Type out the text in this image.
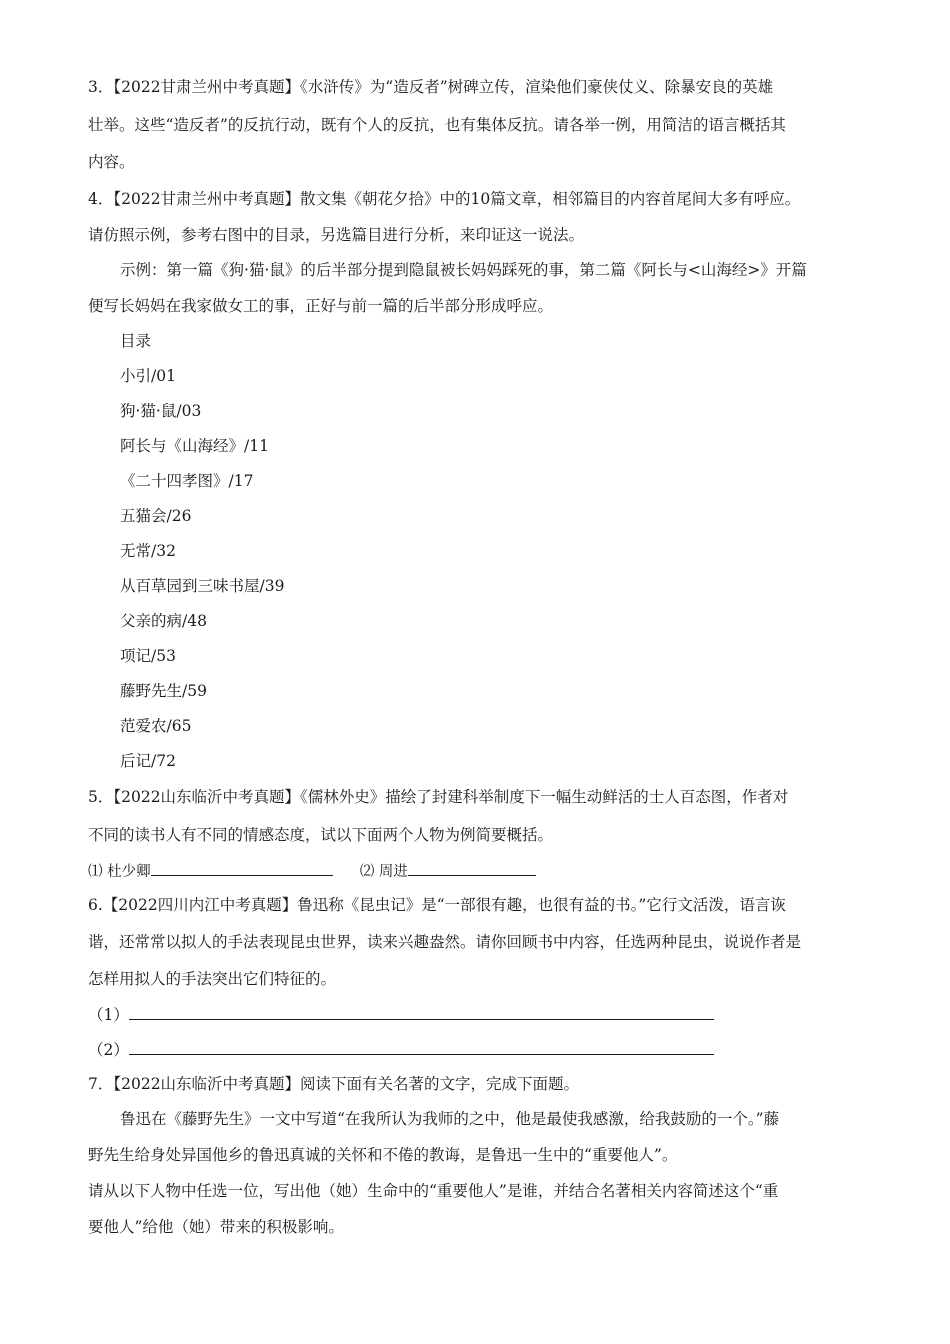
3．【2022甘肃兰州中考真题】《水浒传》为“造反者”树碑立传，渲染他们豪侠仗义、除暴安良的英雄
壮举。这些“造反者”的反抗行动，既有个人的反抗，也有集体反抗。请各举一例，用简洁的语言概括其
内容。
4．【2022甘肃兰州中考真题】散文集《朝花夕拾》中的10篇文章，相邻篇目的内容首尾间大多有呼应。
请仿照示例，参考右图中的目录，另选篇目进行分析，来印证这一说法。
示例：第一篇《狗·猫·鼠》的后半部分提到隐鼠被长妈妈踩死的事，第二篇《阿长与<山海经>》开篇
便写长妈妈在我家做女工的事，正好与前一篇的后半部分形成呼应。
目录
小引/01
狗·猫·鼠/03
阿长与《山海经》/11
《二十四孝图》/17
五猫会/26
无常/32
从百草园到三味书屋/39
父亲的病/48
项记/53
藤野先生/59
范爱农/65
后记/72
5．【2022山东临沂中考真题】《儒林外史》描绘了封建科举制度下一幅生动鲜活的士人百态图，作者对
不同的读书人有不同的情感态度，试以下面两个人物为例简要概括。
⑴ 杜少卿	⑵ 周进
6.【2022四川内江中考真题】鲁迅称《昆虫记》是“一部很有趣，也很有益的书。”它行文活泼，语言诙
谐，还常常以拟人的手法表现昆虫世界，读来兴趣盎然。请你回顾书中内容，任选两种昆虫，说说作者是
怎样用拟人的手法突出它们特征的。
（1）
（2）
7．【2022山东临沂中考真题】阅读下面有关名著的文字，完成下面题。
鲁迅在《藤野先生》一文中写道“在我所认为我师的之中，他是最使我感激，给我鼓励的一个。”藤
野先生给身处异国他乡的鲁迅真诚的关怀和不倦的教诲，是鲁迅一生中的“重要他人”。
请从以下人物中任选一位，写出他（她）生命中的“重要他人”是谁，并结合名著相关内容简述这个“重
要他人”给他（她）带来的积极影响。
